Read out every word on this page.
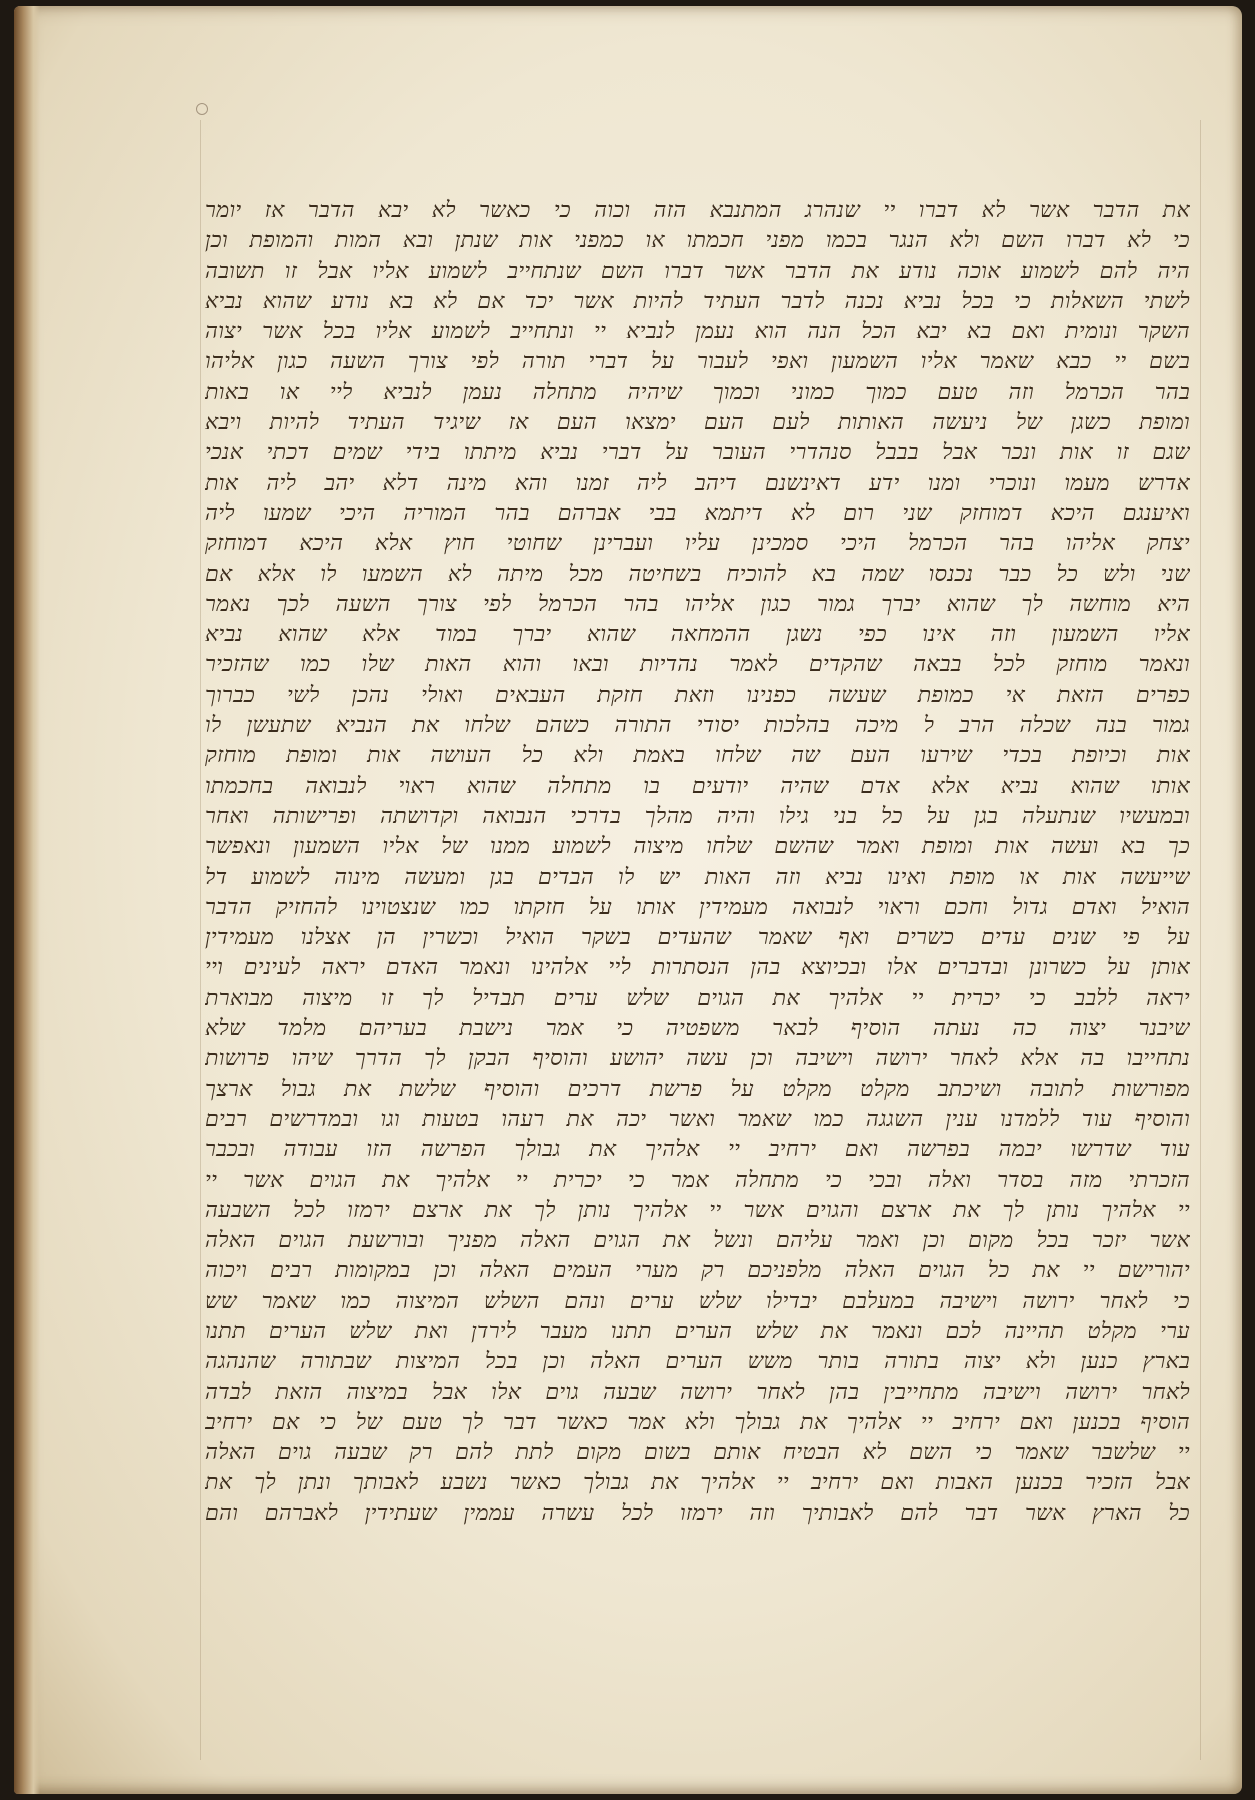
את הדבר אשר לא דברו יי שנהרג המתנבא הזה וכוה כי כאשר לא יבא הדבר אז יומר
כי לא דברו השם ולא הנגר בכמו מפני חכמתו או כמפני אות שנתן ובא המות והמופת וכן
היה להם לשמוע אוכה נודע את הדבר אשר דברו השם שנתחייב לשמוע אליו אבל זו תשובה
לשתי השאלות כי בכל נביא נכנה לדבר העתיד להיות אשר יכד אם לא בא נודע שהוא נביא
השקר ונומית ואם בא יבא הכל הנה הוא נעמן לנביא יי ונתחייב לשמוע אליו בכל אשר יצוה
בשם יי כבא שאמר אליו השמעון ואפי לעבור על דברי תורה לפי צורך השעה כגון אליהו
בהר הכרמל וזה טעם כמוך כמוני וכמוך שיהיה מתחלה נעמן לנביא ליי או באות
ומופת כשגן של ניעשה האותות לעם העם ימצאו העם אז שיגיד העתיד להיות ויבא
שגם זו אות ונכר אבל בבבל סנהדרי העובר על דברי נביא מיתתו בידי שמים דכתי אנכי
אדרש מעמו ונוכרי ומנו ידע דאינשנם דיהב ליה זמנו והא מינה דלא יהב ליה אות
ואיענגם היכא דמוחזק שני רום לא דיתמא בבי אברהם בהר המוריה היכי שמעו ליה
יצחק אליהו בהר הכרמל היכי סמכינן עליו ועברינן שחוטי חוץ אלא היכא דמוחזק
שני ולש כל כבר נכנסו שמה בא להוכיח בשחיטה מכל מיתה לא השמעו לו אלא אם
היא מוחשה לך שהוא יברך גמור כגון אליהו בהר הכרמל לפי צורך השעה לכך נאמר
אליו השמעון וזה אינו כפי נשגן ההמחאה שהוא יברך במוד אלא שהוא נביא
ונאמר מוחזק לכל בבאה שהקדים לאמר נהדיות ובאו והוא האות שלו כמו שהזכיר
כפרים הזאת אי כמופת שעשה כפנינו וזאת חזקת העבאים ואולי נהכן לשי כברוך
גמור בנה שכלה הרב ל מיכה בהלכות יסודי התורה כשהם שלחו את הנביא שתעשן לו
אות וכיופת בכדי שירעו העם שה שלחו באמת ולא כל העושה אות ומופת מוחזק
אותו שהוא נביא אלא אדם שהיה יודעים בו מתחלה שהוא ראוי לנבואה בחכמתו
ובמעשיו שנתעלה בגן על כל בני גילו והיה מהלך בדרכי הנבואה וקדושתה ופרישותה ואחר
כך בא ועשה אות ומופת ואמר שהשם שלחו מיצוה לשמוע ממנו של אליו השמעון ונאפשר
שייעשה אות או מופת ואינו נביא וזה האות יש לו הבדים בגן ומעשה מינוה לשמוע דל
הואיל ואדם גדול וחכם וראוי לנבואה מעמידין אותו על חזקתו כמו שנצטוינו להחזיק הדבר
על פי שנים עדים כשרים ואף שאמר שהעדים בשקר הואיל וכשרין הן אצלנו מעמידין
אותן על כשרונן ובדברים אלו ובכיוצא בהן הנסתרות ליי אלהינו ונאמר האדם יראה לעינים ויי
יראה ללבב כי יכרית יי אלהיך את הגוים שלש ערים תבדיל לך זו מיצוה מבוארת
שיבנר יצוה כה נעתה הוסיף לבאר משפטיה כי אמר נישבת בעריהם מלמד שלא
נתחייבו בה אלא לאחר ירושה וישיבה וכן עשה יהושע והוסיף הבקן לך הדרך שיהו פרושות
מפורשות לתובה ושיכתב מקלט מקלט על פרשת דרכים והוסיף שלשת את גבול ארצך
והוסיף עוד ללמדנו ענין השגגה כמו שאמר ואשר יכה את רעהו בטעות וגו ובמדרשים רבים
עוד שדרשו יבמה בפרשה ואם ירחיב יי אלהיך את גבולך הפרשה הזו עבודה ובכבר
הזכרתי מזה בסדר ואלה ובכי כי מתחלה אמר כי יכרית יי אלהיך את הגוים אשר יי
יי אלהיך נותן לך את ארצם והגוים אשר יי אלהיך נותן לך את ארצם ירמזו לכל השבעה
אשר יזכר בכל מקום וכן ואמר עליהם ונשל את הגוים האלה מפניך ובורשעת הגוים האלה
יהורישם יי את כל הגוים האלה מלפניכם רק מערי העמים האלה וכן במקומות רבים ויכוה
כי לאחר ירושה וישיבה במעלבם יבדילו שלש ערים ונהם השלש המיצוה כמו שאמר שש
ערי מקלט תהיינה לכם ונאמר את שלש הערים תתנו מעבר לירדן ואת שלש הערים תתנו
בארץ כנען ולא יצוה בתורה בותר משש הערים האלה וכן בכל המיצות שבתורה שהנהגה
לאחר ירושה וישיבה מתחייבין בהן לאחר ירושה שבעה גוים אלו אבל במיצוה הזאת לבדה
הוסיף בכנען ואם ירחיב יי אלהיך את גבולך ולא אמר כאשר דבר לך טעם של כי אם ירחיב
יי שלשבר שאמר כי השם לא הבטיח אותם בשום מקום לתת להם רק שבעה גוים האלה
אבל הזכיר בכנען האבות ואם ירחיב יי אלהיך את גבולך כאשר נשבע לאבותך ונתן לך את
כל הארץ אשר דבר להם לאבותיך וזה ירמזו לכל עשרה עממין שעתידין לאברהם והם
